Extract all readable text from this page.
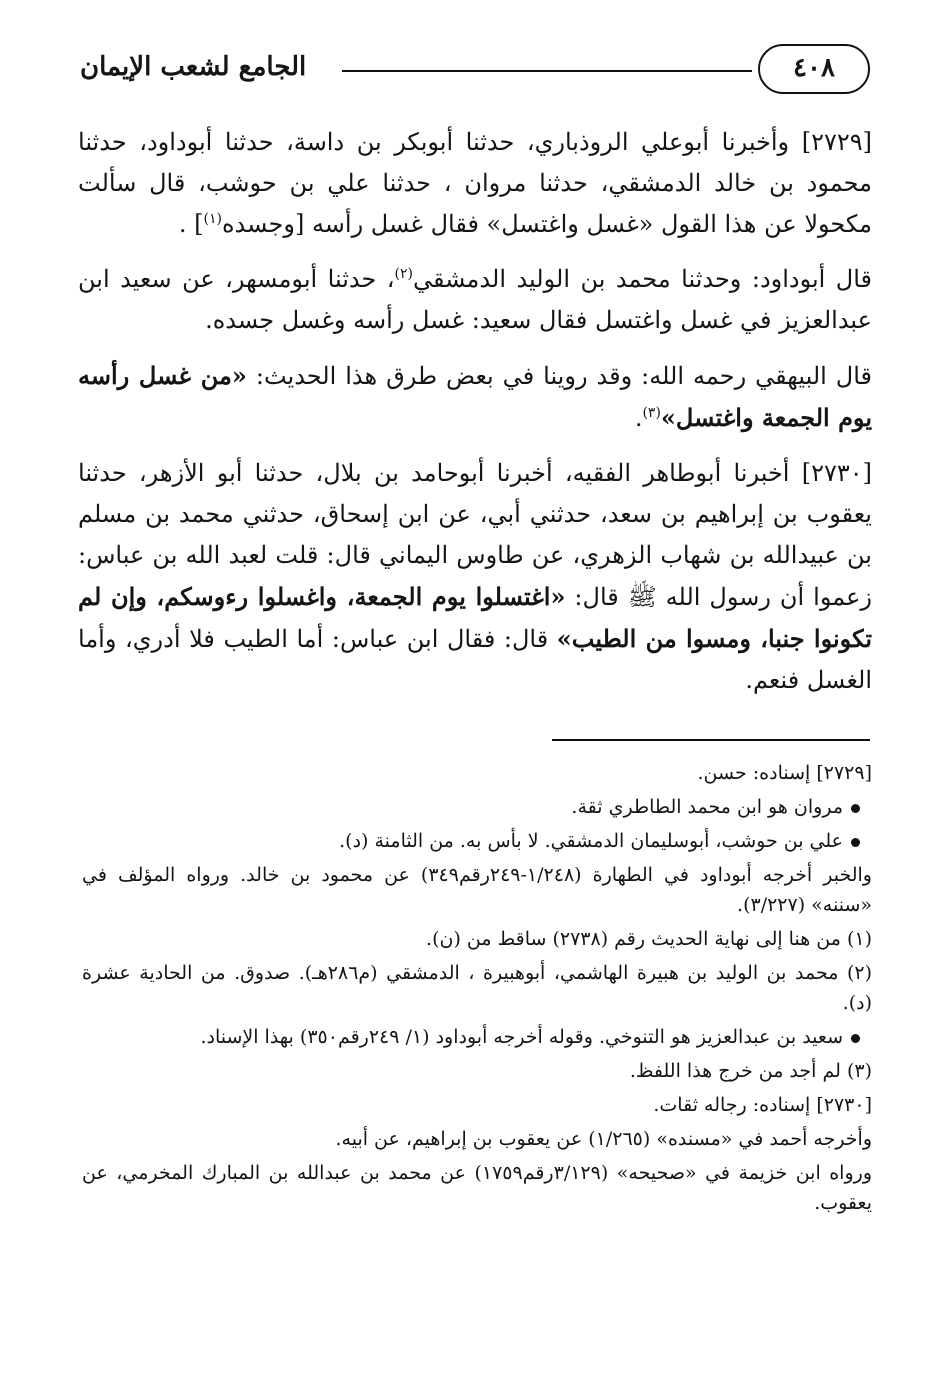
٤٠٨
الجامع لشعب الإيمان

[٢٧٢٩] وأخبرنا أبوعلي الروذباري، حدثنا أبوبكر بن داسة، حدثنا أبوداود، حدثنا محمود بن خالد الدمشقي، حدثنا مروان ، حدثنا علي بن حوشب، قال سألت مكحولا عن هذا القول «غسل واغتسل» فقال غسل رأسه [وجسده$^{(١)}$] .

قال أبوداود: وحدثنا محمد بن الوليد الدمشقي$^{(٢)}$، حدثنا أبومسهر، عن سعيد ابن عبدالعزيز في غسل واغتسل فقال سعيد: غسل رأسه وغسل جسده.

قال البيهقي رحمه الله: وقد روينا في بعض طرق هذا الحديث: «من غسل رأسه يوم الجمعة واغتسل»$^{(٣)}$.

[٢٧٣٠] أخبرنا أبوطاهر الفقيه، أخبرنا أبوحامد بن بلال، حدثنا أبو الأزهر، حدثنا يعقوب بن إبراهيم بن سعد، حدثني أبي، عن ابن إسحاق، حدثني محمد بن مسلم بن عبيدالله بن شهاب الزهري، عن طاوس اليماني قال: قلت لعبد الله بن عباس: زعموا أن رسول الله ﷺ قال: «اغتسلوا يوم الجمعة، واغسلوا رءوسكم، وإن لم تكونوا جنبا، ومسوا من الطيب» قال: فقال ابن عباس: أما الطيب فلا أدري، وأما الغسل فنعم.

[٢٧٢٩] إسناده: حسن.

مروان هو ابن محمد الطاطري ثقة.

علي بن حوشب، أبوسليمان الدمشقي. لا بأس به. من الثامنة (د).

والخبر أخرجه أبوداود في الطهارة (١/٢٤٨-٢٤٩رقم٣٤٩) عن محمود بن خالد. ورواه المؤلف في «سننه» (٣/٢٢٧).

(١) من هنا إلى نهاية الحديث رقم (٢٧٣٨) ساقط من (ن).

(٢) محمد بن الوليد بن هبيرة الهاشمي، أبوهبيرة ، الدمشقي (م٢٨٦هـ). صدوق. من الحادية عشرة (د).

سعيد بن عبدالعزيز هو التنوخي. وقوله أخرجه أبوداود (١/ ٢٤٩رقم٣٥٠) بهذا الإسناد.

(٣) لم أجد من خرج هذا اللفظ.

[٢٧٣٠] إسناده: رجاله ثقات.

وأخرجه أحمد في «مسنده» (١/٢٦٥) عن يعقوب بن إبراهيم، عن أبيه.

ورواه ابن خزيمة في «صحيحه» (٣/١٢٩رقم١٧٥٩) عن محمد بن عبدالله بن المبارك المخرمي، عن يعقوب.
